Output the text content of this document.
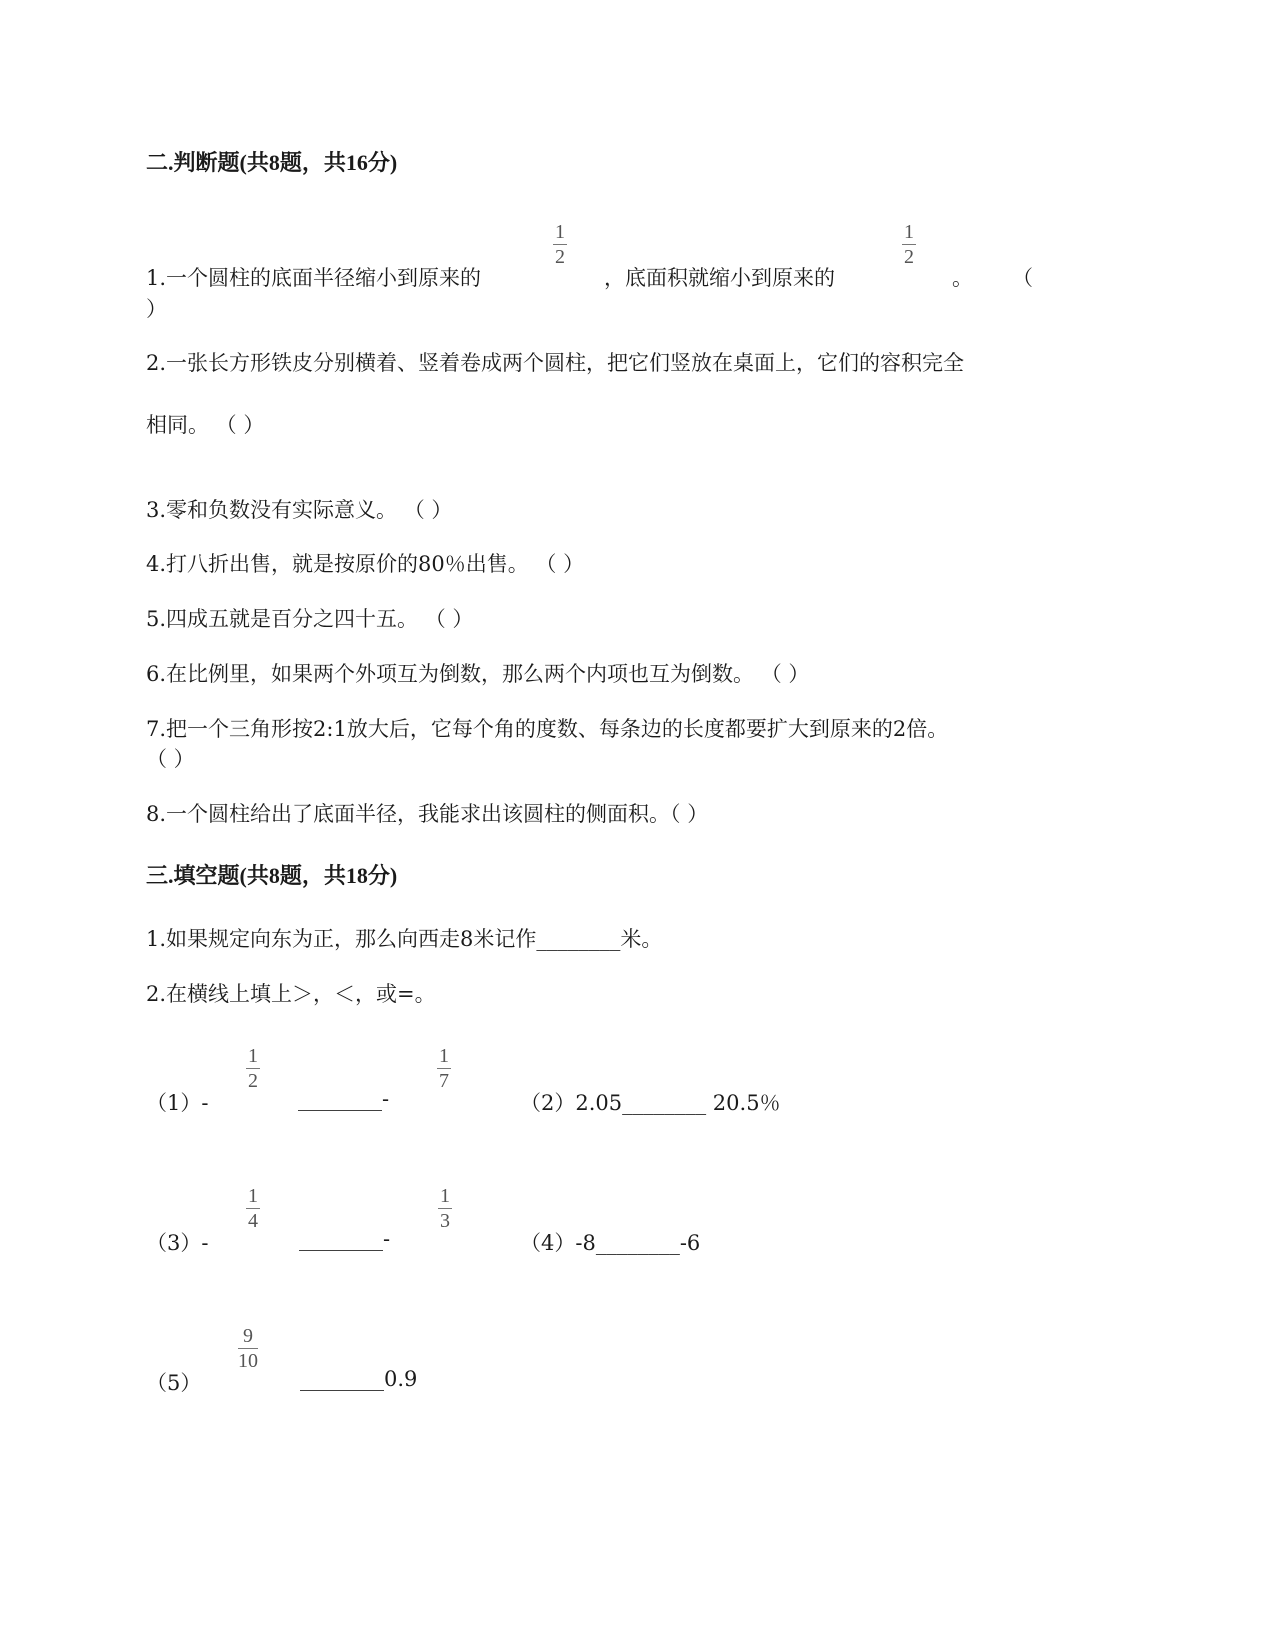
二.判断题(共8题，共16分)
1.一个圆柱的底面半径缩小到原来的
1
2
，底面积就缩小到原来的
1
2
。 （
）
2.一张长方形铁皮分别横着、竖着卷成两个圆柱，把它们竖放在桌面上，它们的容积完全
相同。 （ ）
3.零和负数没有实际意义。 （ ）
4.打八折出售，就是按原价的80％出售。 （ ）
5.四成五就是百分之四十五。 （ ）
6.在比例里，如果两个外项互为倒数，那么两个内项也互为倒数。 （ ）
7.把一个三角形按2:1放大后，它每个角的度数、每条边的长度都要扩大到原来的2倍。
（ ）
8.一个圆柱给出了底面半径，我能求出该圆柱的侧面积。（ ）
三.填空题(共8题，共18分)
1.如果规定向东为正，那么向西走8米记作________米。
2.在横线上填上＞，＜，或=。
（1）-
1
2
________-
1
7
（2）2.05________ 20.5％
（3）-
1
4
________-
1
3
（4）-8________-6
（5）
9
10
________0.9
